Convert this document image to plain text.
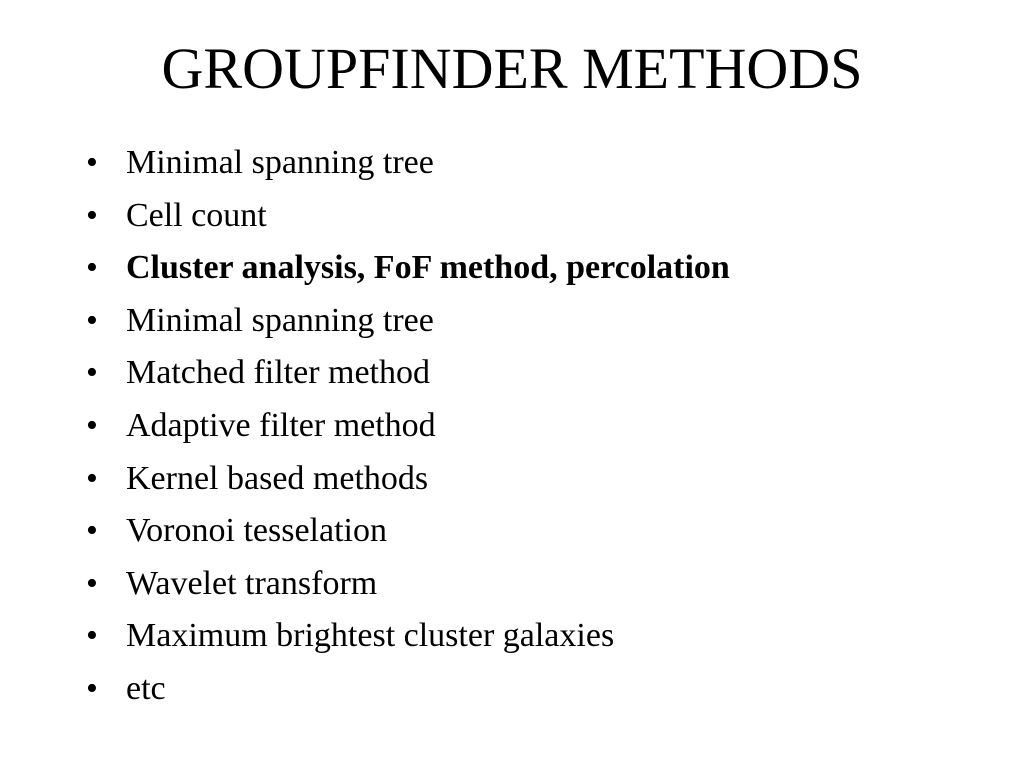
GROUPFINDER METHODS
• Minimal spanning tree
• Cell count
• Cluster analysis, FoF method, percolation
• Minimal spanning tree
• Matched filter method
• Adaptive filter method
• Kernel based methods
• Voronoi tesselation
• Wavelet transform
• Maximum brightest cluster galaxies
• etc
